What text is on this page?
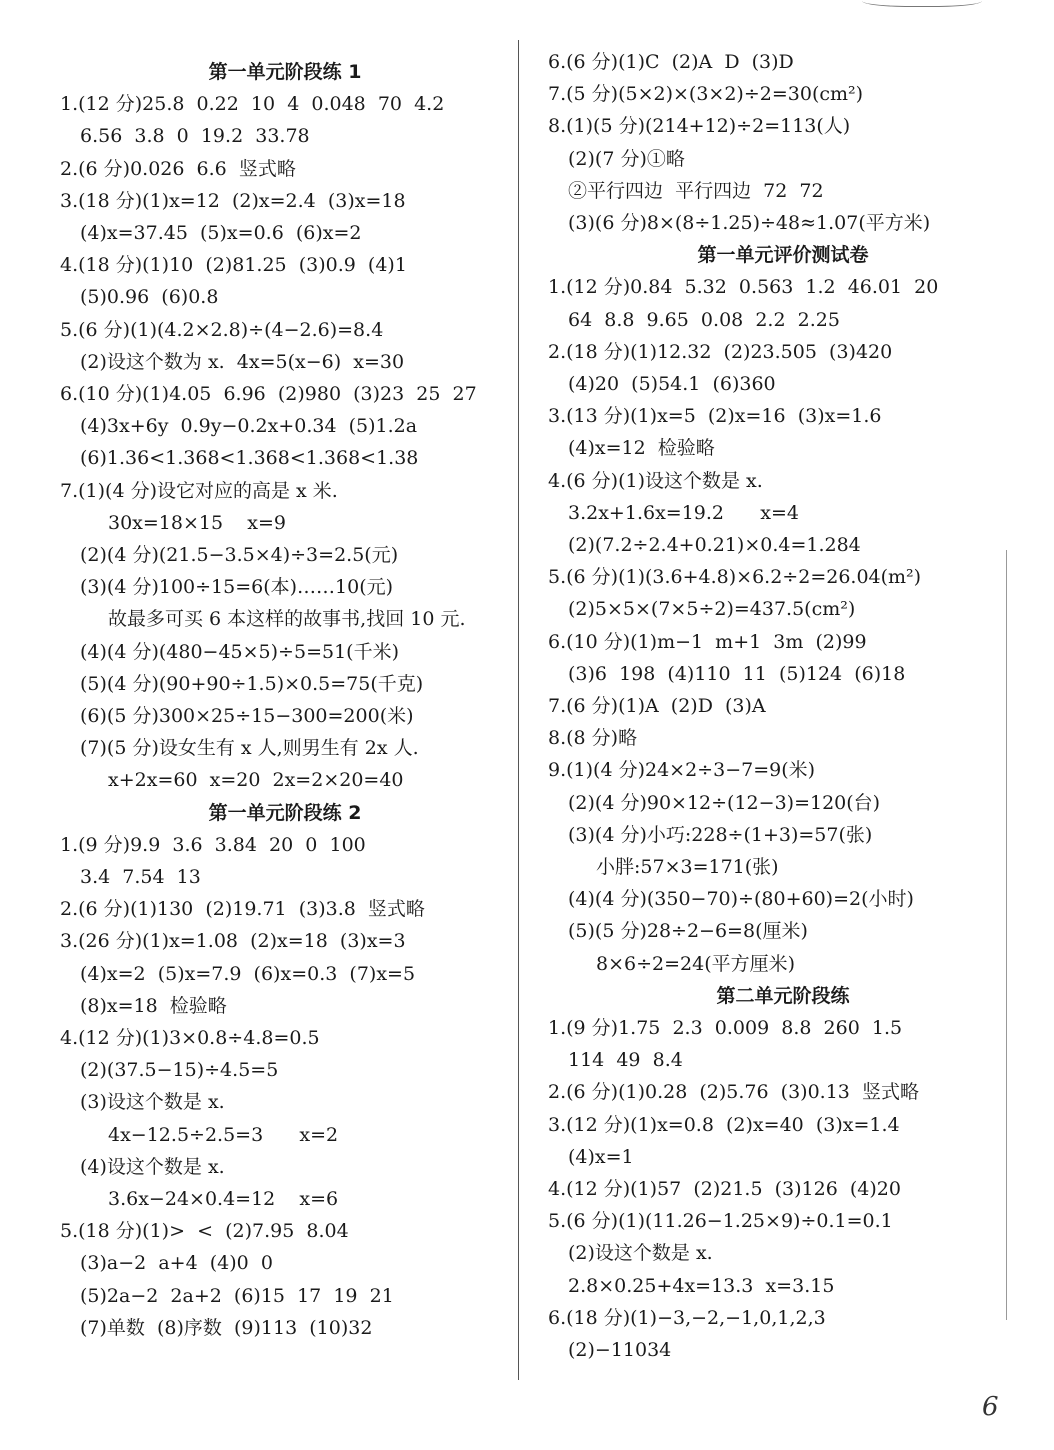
第一单元阶段练 1
1.(12 分)25.8  0.22  10  4  0.048  70  4.2
6.56  3.8  0  19.2  33.78
2.(6 分)0.026  6.6  竖式略
3.(18 分)(1)x=12  (2)x=2.4  (3)x=18
(4)x=37.45  (5)x=0.6  (6)x=2
4.(18 分)(1)10  (2)81.25  (3)0.9  (4)1
(5)0.96  (6)0.8
5.(6 分)(1)(4.2×2.8)÷(4−2.6)=8.4
(2)设这个数为 x.  4x=5(x−6)  x=30
6.(10 分)(1)4.05  6.96  (2)980  (3)23  25  27
(4)3x+6y  0.9y−0.2x+0.34  (5)1.2a
(6)1.36<1.368<1.368<1.368<1.38
7.(1)(4 分)设它对应的高是 x 米.
30x=18×15    x=9
(2)(4 分)(21.5−3.5×4)÷3=2.5(元)
(3)(4 分)100÷15=6(本)……10(元)
故最多可买 6 本这样的故事书,找回 10 元.
(4)(4 分)(480−45×5)÷5=51(千米)
(5)(4 分)(90+90÷1.5)×0.5=75(千克)
(6)(5 分)300×25÷15−300=200(米)
(7)(5 分)设女生有 x 人,则男生有 2x 人.
x+2x=60  x=20  2x=2×20=40
第一单元阶段练 2
1.(9 分)9.9  3.6  3.84  20  0  100
3.4  7.54  13
2.(6 分)(1)130  (2)19.71  (3)3.8  竖式略
3.(26 分)(1)x=1.08  (2)x=18  (3)x=3
(4)x=2  (5)x=7.9  (6)x=0.3  (7)x=5
(8)x=18  检验略
4.(12 分)(1)3×0.8÷4.8=0.5
(2)(37.5−15)÷4.5=5
(3)设这个数是 x.
4x−12.5÷2.5=3      x=2
(4)设这个数是 x.
3.6x−24×0.4=12    x=6
5.(18 分)(1)>  <  (2)7.95  8.04
(3)a−2  a+4  (4)0  0
(5)2a−2  2a+2  (6)15  17  19  21
(7)单数  (8)序数  (9)113  (10)32
6.(6 分)(1)C  (2)A  D  (3)D
7.(5 分)(5×2)×(3×2)÷2=30(cm²)
8.(1)(5 分)(214+12)÷2=113(人)
(2)(7 分)①略
②平行四边  平行四边  72  72
(3)(6 分)8×(8÷1.25)÷48≈1.07(平方米)
第一单元评价测试卷
1.(12 分)0.84  5.32  0.563  1.2  46.01  20
64  8.8  9.65  0.08  2.2  2.25
2.(18 分)(1)12.32  (2)23.505  (3)420
(4)20  (5)54.1  (6)360
3.(13 分)(1)x=5  (2)x=16  (3)x=1.6
(4)x=12  检验略
4.(6 分)(1)设这个数是 x.
3.2x+1.6x=19.2      x=4
(2)(7.2÷2.4+0.21)×0.4=1.284
5.(6 分)(1)(3.6+4.8)×6.2÷2=26.04(m²)
(2)5×5×(7×5÷2)=437.5(cm²)
6.(10 分)(1)m−1  m+1  3m  (2)99
(3)6  198  (4)110  11  (5)124  (6)18
7.(6 分)(1)A  (2)D  (3)A
8.(8 分)略
9.(1)(4 分)24×2÷3−7=9(米)
(2)(4 分)90×12÷(12−3)=120(台)
(3)(4 分)小巧:228÷(1+3)=57(张)
小胖:57×3=171(张)
(4)(4 分)(350−70)÷(80+60)=2(小时)
(5)(5 分)28÷2−6=8(厘米)
8×6÷2=24(平方厘米)
第二单元阶段练
1.(9 分)1.75  2.3  0.009  8.8  260  1.5
114  49  8.4
2.(6 分)(1)0.28  (2)5.76  (3)0.13  竖式略
3.(12 分)(1)x=0.8  (2)x=40  (3)x=1.4
(4)x=1
4.(12 分)(1)57  (2)21.5  (3)126  (4)20
5.(6 分)(1)(11.26−1.25×9)÷0.1=0.1
(2)设这个数是 x.
2.8×0.25+4x=13.3  x=3.15
6.(18 分)(1)−3,−2,−1,0,1,2,3
(2)−11034
6
